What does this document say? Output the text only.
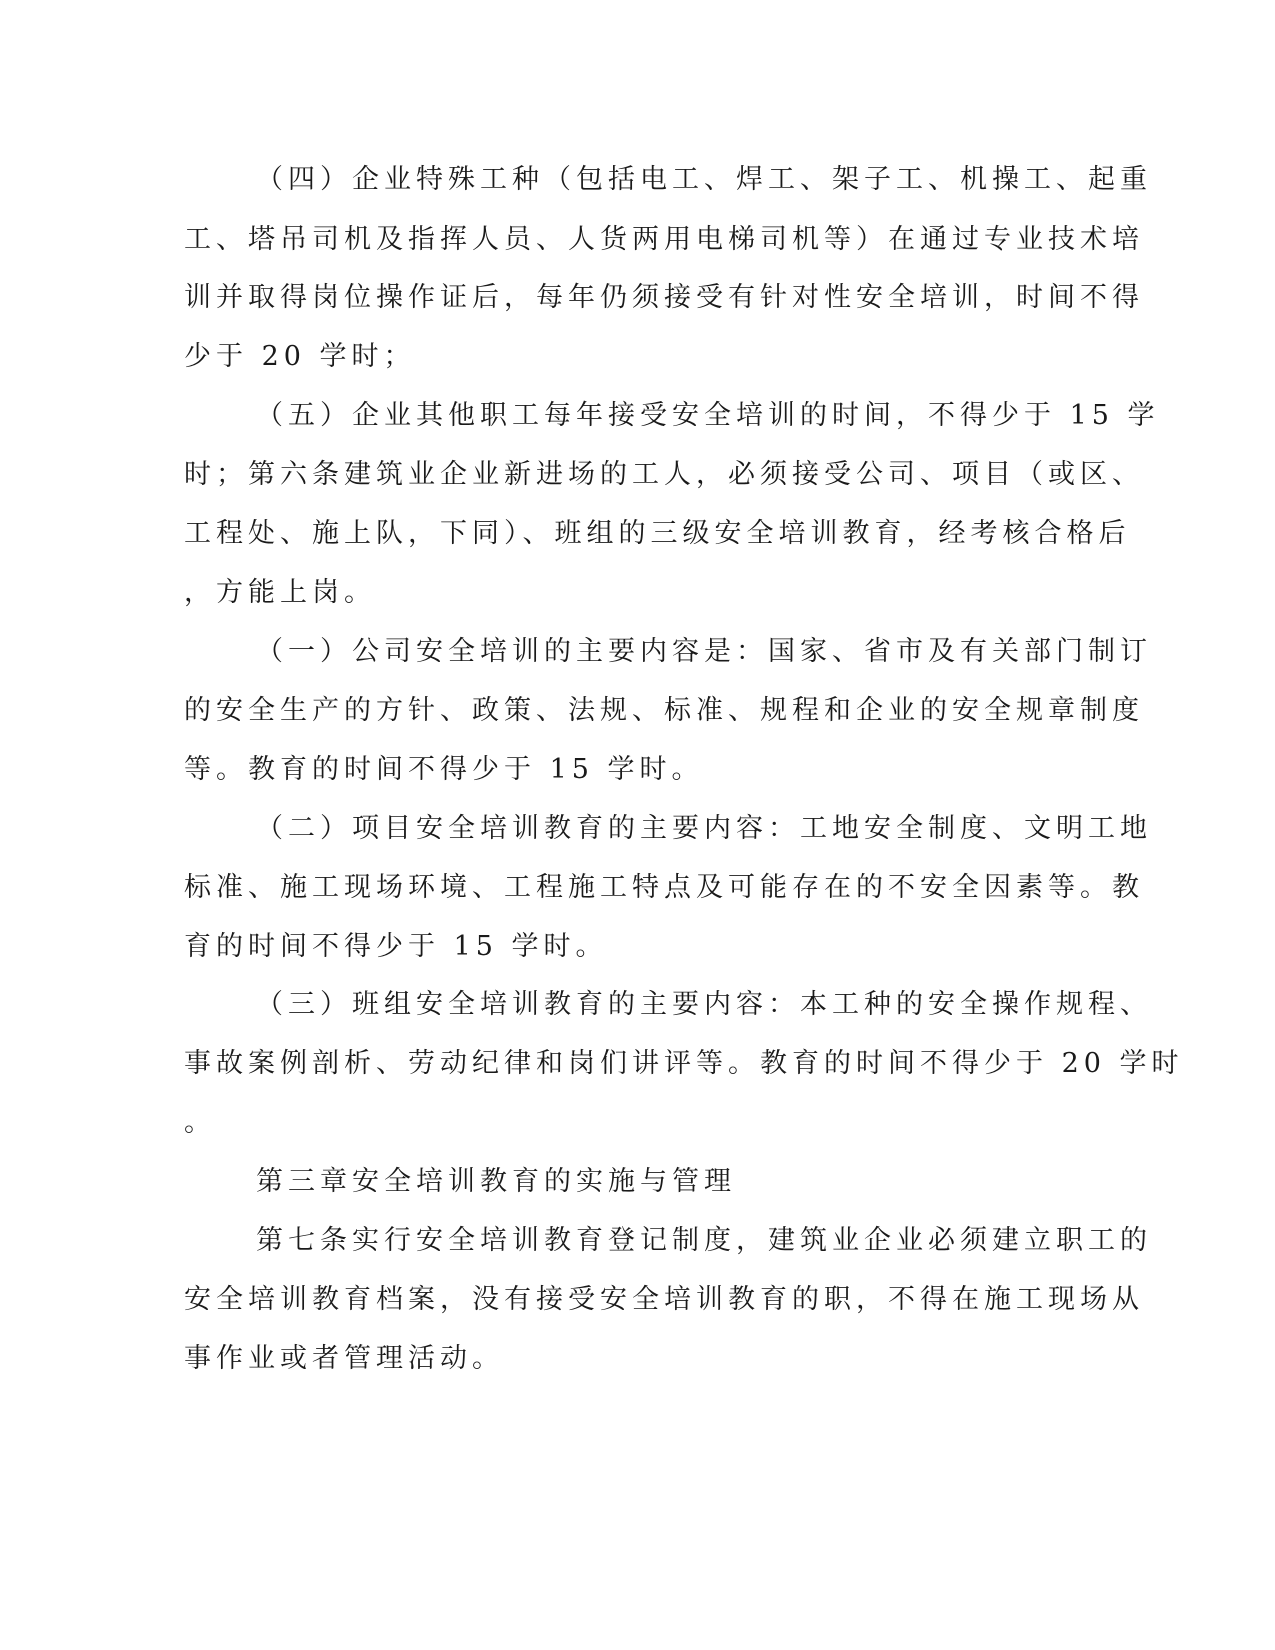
（四）企业特殊工种（包括电工、焊工、架子工、机操工、起重
工、塔吊司机及指挥人员、人货两用电梯司机等）在通过专业技术培
训并取得岗位操作证后，每年仍须接受有针对性安全培训，时间不得
少于 20 学时；
（五）企业其他职工每年接受安全培训的时间，不得少于 15 学
时；第六条建筑业企业新进场的工人，必须接受公司、项目（或区、
工程处、施上队，下同）、班组的三级安全培训教育，经考核合格后
，方能上岗。
（一）公司安全培训的主要内容是：国家、省市及有关部门制订
的安全生产的方针、政策、法规、标准、规程和企业的安全规章制度
等。教育的时间不得少于 15 学时。
（二）项目安全培训教育的主要内容：工地安全制度、文明工地
标准、施工现场环境、工程施工特点及可能存在的不安全因素等。教
育的时间不得少于 15 学时。
（三）班组安全培训教育的主要内容：本工种的安全操作规程、
事故案例剖析、劳动纪律和岗们讲评等。教育的时间不得少于 20 学时
。
第三章安全培训教育的实施与管理
第七条实行安全培训教育登记制度，建筑业企业必须建立职工的
安全培训教育档案，没有接受安全培训教育的职，不得在施工现场从
事作业或者管理活动。
